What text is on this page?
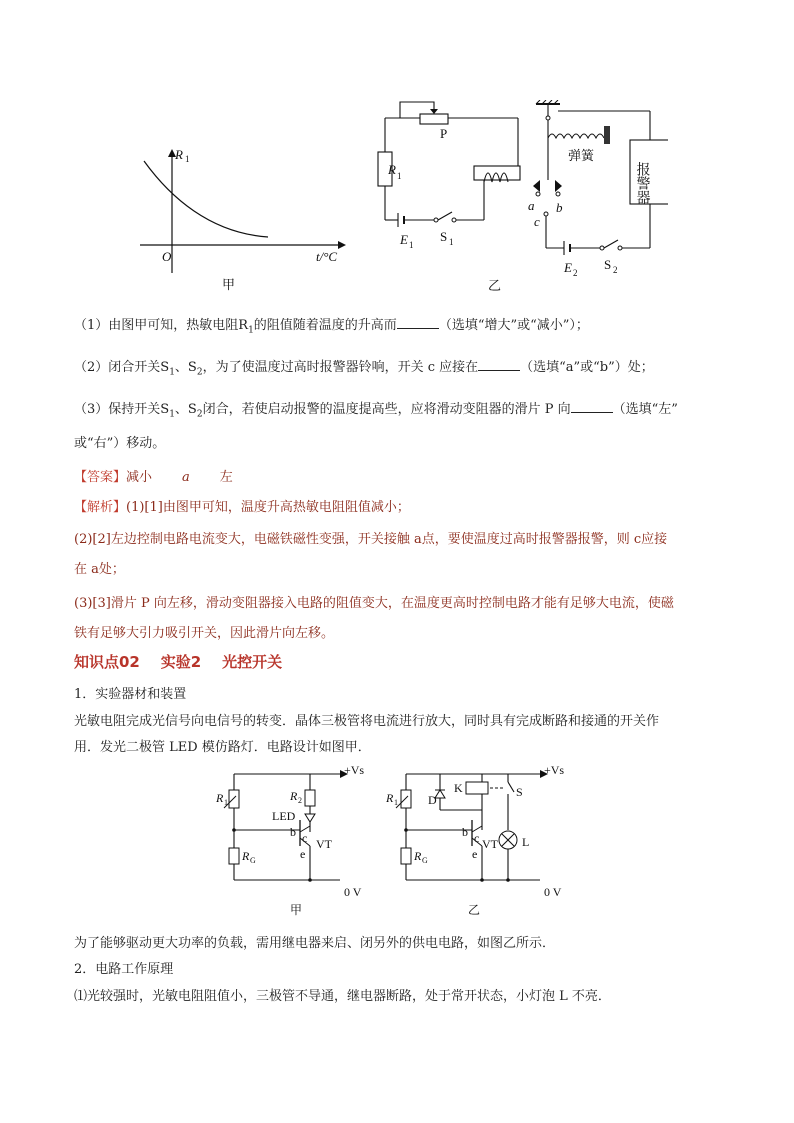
R 1
O	t/°C
甲
P
R 1
E 1
S 1
a b
c
弹簧
报警器
E 2
S 2
乙
（1）由图甲可知，热敏电阻$R_1$的阻值随着温度的升高而	（选填“增大”或“减小”）；
（2）闭合开关$S_1$、$S_2$，为了使温度过高时报警器铃响，开关 c 应接在	（选填“a”或“b”）处；
（3）保持开关$S_1$、$S_2$闭合，若使启动报警的温度提高些，应将滑动变阻器的滑片 P 向	（选填“左”
或“右”）移动。
【答案】减小 a 左
【解析】(1)[1]由图甲可知，温度升高热敏电阻阻值减小；
(2)[2]左边控制电路电流变大，电磁铁磁性变强，开关接触 a点，要使温度过高时报警器报警，则 c应接
在 a处；
(3)[3]滑片 P 向左移，滑动变阻器接入电路的阻值变大，在温度更高时控制电路才能有足够大电流，使磁
铁有足够大引力吸引开关，因此滑片向左移。
知识点02    实验2    光控开关
1．实验器材和装置
光敏电阻完成光信号向电信号的转变．晶体三极管将电流进行放大，同时具有完成断路和接通的开关作
用．发光二极管 LED 模仿路灯．电路设计如图甲．
R 1	R 2
LED
b c
e
VT
R G
+Vs
0 V
甲
R 1	D
K	S
b c
e
VT L
R G
+Vs
0 V
乙
为了能够驱动更大功率的负载，需用继电器来启、闭另外的供电电路，如图乙所示．
2．电路工作原理
⑴光较强时，光敏电阻阻值小，三极管不导通，继电器断路，处于常开状态，小灯泡 L 不亮．
